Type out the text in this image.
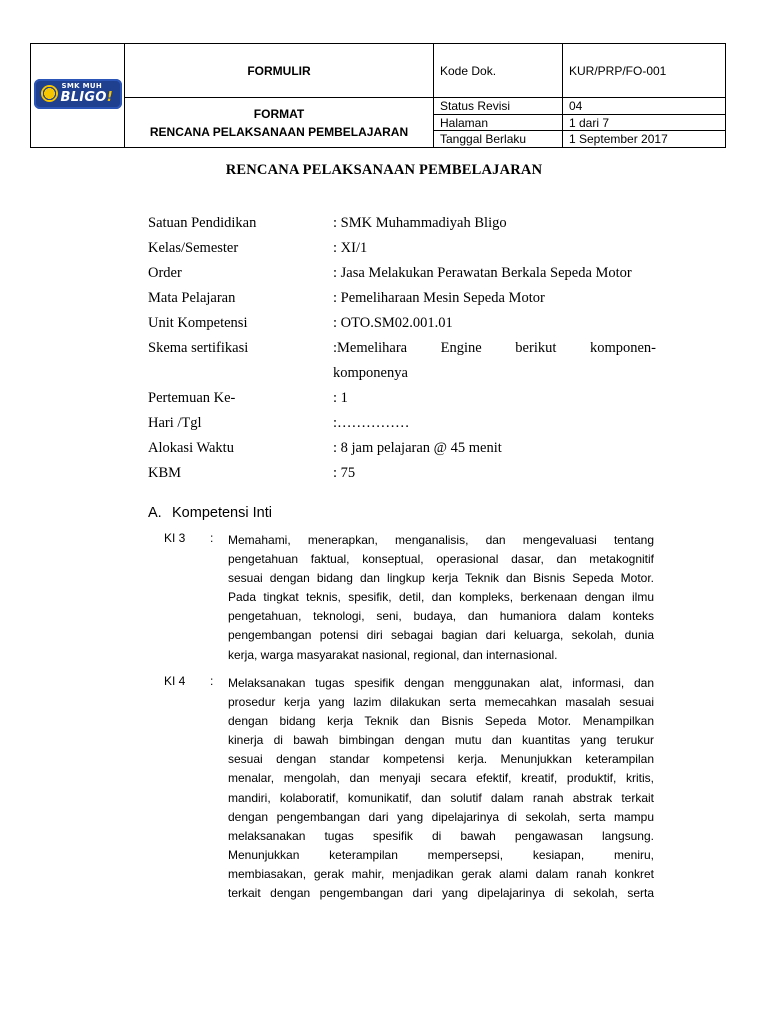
SMK MUH
BLIGO!	FORMULIR	Kode Dok.	KUR/PRP/FO-001

	FORMAT
RENCANA PELAKSANAAN PEMBELAJARAN	Status Revisi	04
		Halaman	1 dari 7
		Tanggal Berlaku	1 September 2017
RENCANA PELAKSANAAN PEMBELAJARAN
Satuan Pendidikan	: SMK Muhammadiyah Bligo
Kelas/Semester	: XI/1
Order	: Jasa Melakukan Perawatan Berkala Sepeda Motor
Mata Pelajaran	: Pemeliharaan Mesin Sepeda Motor
Unit Kompetensi	: OTO.SM02.001.01
Skema sertifikasi	:Memelihara Engine berikut komponen-
komponenya
Pertemuan Ke-	: 1
Hari /Tgl	:……………
Alokasi Waktu	: 8 jam pelajaran @ 45 menit
KBM	: 75
A. Kompetensi Inti
KI 3 : Memahami, menerapkan, menganalisis, dan mengevaluasi tentang
pengetahuan faktual, konseptual, operasional dasar, dan metakognitif
sesuai dengan bidang dan lingkup kerja Teknik dan Bisnis Sepeda Motor.
Pada tingkat teknis, spesifik, detil, dan kompleks, berkenaan dengan ilmu
pengetahuan, teknologi, seni, budaya, dan humaniora dalam konteks
pengembangan potensi diri sebagai bagian dari keluarga, sekolah, dunia
kerja, warga masyarakat nasional, regional, dan internasional.
KI 4 : Melaksanakan tugas spesifik dengan menggunakan alat, informasi, dan
prosedur kerja yang lazim dilakukan serta memecahkan masalah sesuai
dengan bidang kerja Teknik dan Bisnis Sepeda Motor. Menampilkan
kinerja di bawah bimbingan dengan mutu dan kuantitas yang terukur
sesuai dengan standar kompetensi kerja. Menunjukkan keterampilan
menalar, mengolah, dan menyaji secara efektif, kreatif, produktif, kritis,
mandiri, kolaboratif, komunikatif, dan solutif dalam ranah abstrak terkait
dengan pengembangan dari yang dipelajarinya di sekolah, serta mampu
melaksanakan tugas spesifik di bawah pengawasan langsung.
Menunjukkan keterampilan mempersepsi, kesiapan, meniru,
membiasakan, gerak mahir, menjadikan gerak alami dalam ranah konkret
terkait dengan pengembangan dari yang dipelajarinya di sekolah, serta
